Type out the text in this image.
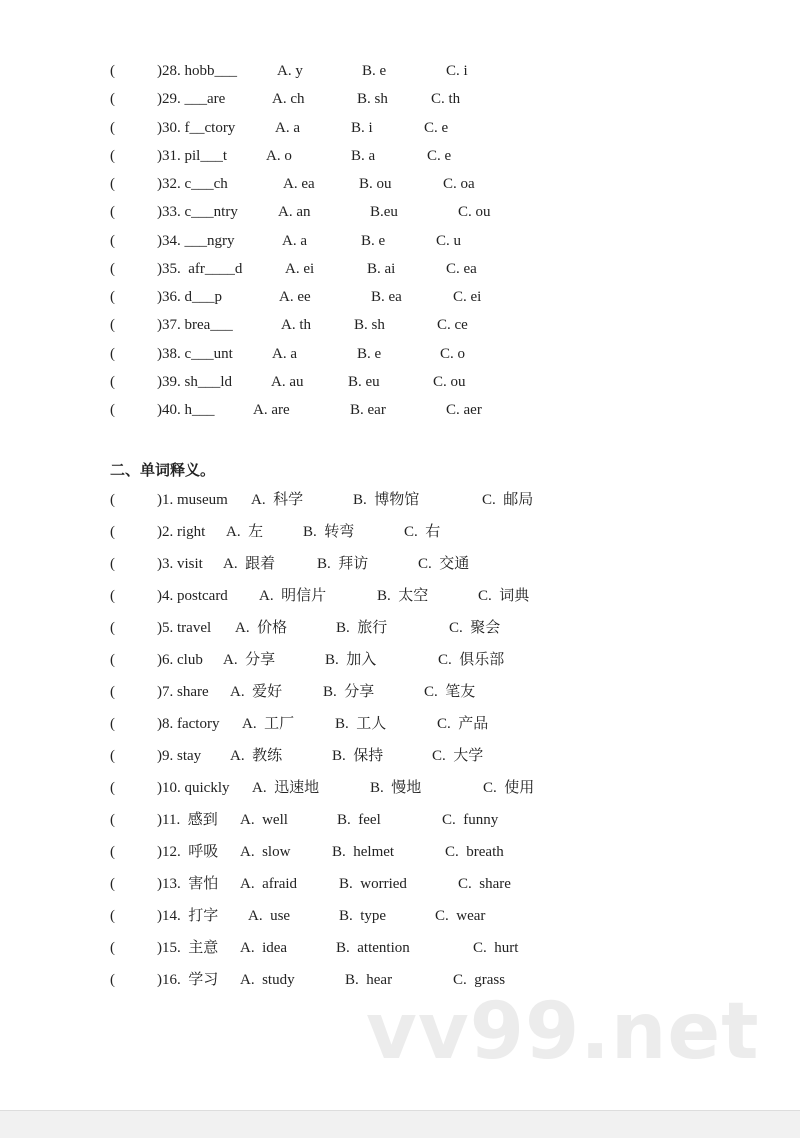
二、单词释义。
vv99.net
(	)28. hobb___	A. y	B. e	C. i
(	)29. ___are	A. ch	B. sh	C. th
(	)30. f__ctory	A. a	B. i	C. e
(	)31. pil___t	A. o	B. a	C. e
(	)32. c___ch	A. ea	B. ou	C. oa
(	)33. c___ntry	A. an	B.eu	C. ou
(	)34. ___ngry	A. a	B. e	C. u
(	)35.  afr____d	A. ei	B. ai	C. ea
(	)36. d___p	A. ee	B. ea	C. ei
(	)37. brea___	A. th	B. sh	C. ce
(	)38. c___unt	A. a	B. e	C. o
(	)39. sh___ld	A. au	B. eu	C. ou
(	)40. h___	A. are	B. ear	C. aer
(	)1. museum A.  科学	B.  博物馆	C.  邮局
(	)2. right A.  左	B.  转弯	C.  右
(	)3. visit A.  跟着	B.  拜访	C.  交通
(	)4. postcard A.  明信片	B.  太空	C.  词典
(	)5. travel A.  价格	B.  旅行	C.  聚会
(	)6. club A.  分享	B.  加入	C.  俱乐部
(	)7. share A.  爱好	B.  分享	C.  笔友
(	)8. factory A.  工厂	B.  工人	C.  产品
(	)9. stay A.  教练	B.  保持	C.  大学
(	)10. quickly A.  迅速地	B.  慢地	C.  使用
(	)11.  感到 A.  well	B.  feel	C.  funny
(	)12.  呼吸 A.  slow	B.  helmet	C.  breath
(	)13.  害怕 A.  afraid	B.  worried	C.  share
(	)14.  打字 A.  use	B.  type	C.  wear
(	)15.  主意 A.  idea	B.  attention	C.  hurt
(	)16.  学习 A.  study	B.  hear	C.  grass
